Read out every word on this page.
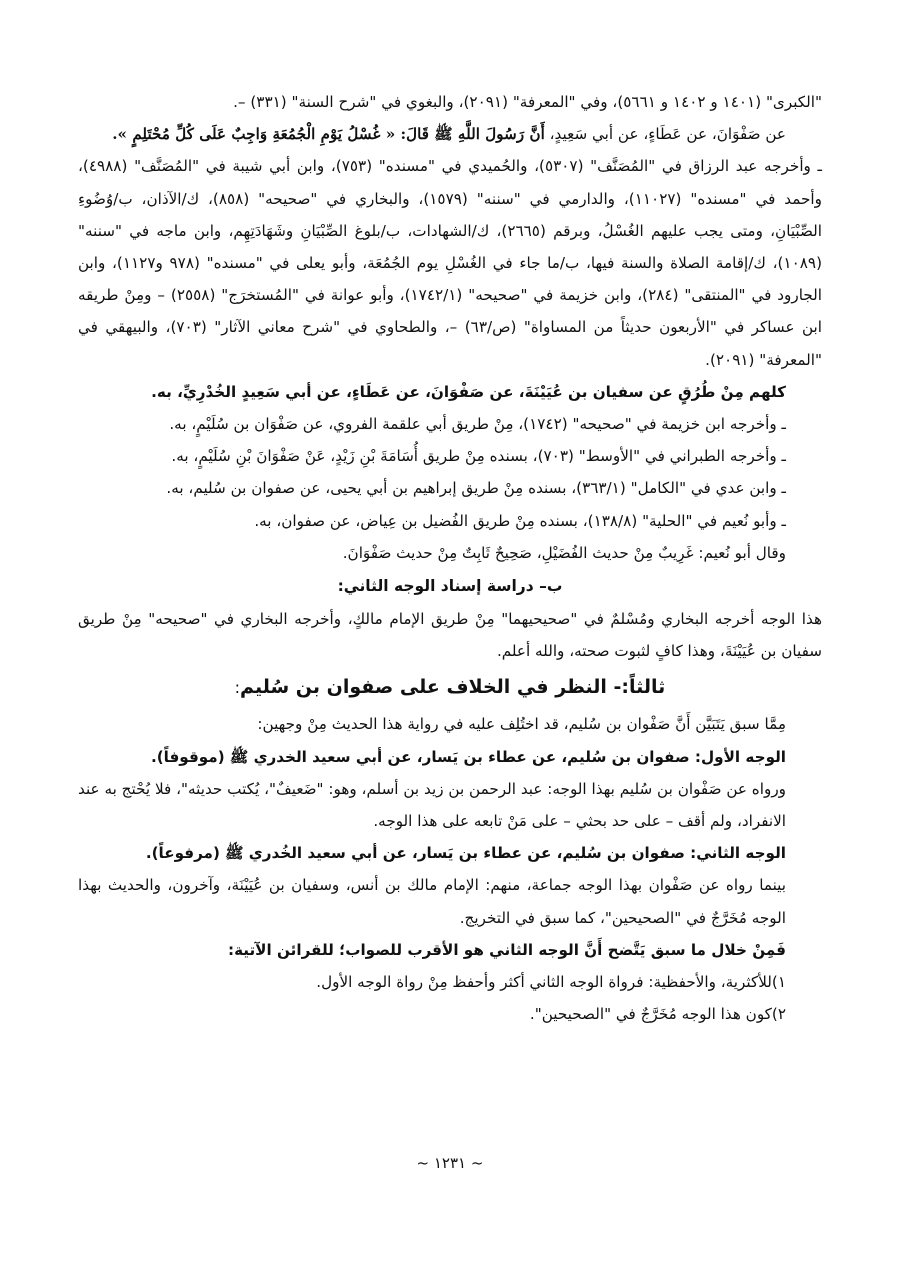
"الكبرى" (١٤٠١ و ١٤٠٢ و ٥٦٦١)، وفي "المعرفة" (٢٠٩١)، والبغوي في "شرح السنة" (٣٣١) –.

عن صَفْوَانَ، عن عَطَاءٍ، عن أبي سَعِيدٍ، أَنَّ رَسُولَ اللَّهِ ﷺ قَالَ: « غُسْلُ يَوْمِ الْجُمُعَةِ وَاجِبٌ عَلَى كُلِّ مُحْتَلِمٍ ».

ـ وأخرجه عبد الرزاق في "المُصَنَّف" (٥٣٠٧)، والحُميدي في "مسنده" (٧٥٣)، وابن أبي شيبة في "المُصَنَّف" (٤٩٨٨)، وأحمد في "مسنده" (١١٠٢٧)، والدارمي في "سننه" (١٥٧٩)، والبخاري في "صحيحه" (٨٥٨)، ك/الآذان، ب/وُضُوءِ الصِّبْيَانِ، ومتى يجب عليهم الغُسْلُ، وبرقم (٢٦٦٥)، ك/الشهادات، ب/بلوغ الصِّبْيَانِ وشَهَادَتِهِم، وابن ماجه في "سننه" (١٠٨٩)، ك/إقامة الصلاة والسنة فيها، ب/ما جاء في الغُسْلِ يوم الجُمُعَة، وأبو يعلى في "مسنده" (٩٧٨ و١١٢٧)، وابن الجارود في "المنتقى" (٢٨٤)، وابن خزيمة في "صحيحه" (١٧٤٢/١)، وأبو عوانة في "المُستخرَج" (٢٥٥٨) – ومِنْ طريقه ابن عساكر في "الأربعون حديثاً من المساواة" (ص/٦٣) –، والطحاوي في "شرح معاني الآثار" (٧٠٣)، والبيهقي في "المعرفة" (٢٠٩١).

كلهم مِنْ طُرُقٍ عن سفيان بن عُيَيْنَةَ، عن صَفْوَانَ، عن عَطَاءٍ، عن أبي سَعِيدٍ الخُدْرِيِّ، به.

ـ وأخرجه ابن خزيمة في "صحيحه" (١٧٤٢)، مِنْ طريق أبي علقمة الفروي، عن صَفْوَان بن سُلَيْمٍ، به.

ـ وأخرجه الطبراني في "الأوسط" (٧٠٣)، بسنده مِنْ طريق أُسَامَةَ بْنِ زَيْدٍ، عَنْ صَفْوَانَ بْنِ سُلَيْمٍ، به.

ـ وابن عدي في "الكامل" (٣٦٣/١)، بسنده مِنْ طريق إبراهيم بن أبي يحيى، عن صفوان بن سُليم، به.

ـ وأبو نُعيم في "الحلية" (١٣٨/٨)، بسنده مِنْ طريق الفُضيل بن عِياض، عن صفوان، به.

وقال أبو نُعيم: غَرِيبٌ مِنْ حديث الفُضَيْلِ، صَحِيحٌ ثَابِتٌ مِنْ حديث صَفْوَانَ.

ب– دراسة إسناد الوجه الثاني:

هذا الوجه أخرجه البخاري ومُسْلمٌ في "صحيحيهما" مِنْ طريق الإمام مالكٍ، وأخرجه البخاري في "صحيحه" مِنْ طريق سفيان بن عُيَيْنَةَ، وهذا كافٍ لثبوت صحته، والله أعلم.

ثالثاً:- النظر في الخلاف على صفوان بن سُليم:

مِمَّا سبق يَتَبَيَّن أَنَّ صَفْوان بن سُليم، قد اختُلِف عليه في رواية هذا الحديث مِنْ وجهين:

الوجه الأول: صفوان بن سُليم، عن عطاء بن يَسار، عن أبي سعيد الخدري ﷺ (موقوفاً).

ورواه عن صَفْوان بن سُليم بهذا الوجه: عبد الرحمن بن زيد بن أسلم، وهو: "ضَعيفٌ"، يُكتب حديثه"، فلا يُحْتج به عند الانفراد، ولم أقف – على حد بحثي – على مَنْ تابعه على هذا الوجه.

الوجه الثاني: صفوان بن سُليم، عن عطاء بن يَسار، عن أبي سعيد الخُدري ﷺ (مرفوعاً).

بينما رواه عن صَفْوان بهذا الوجه جماعة، منهم: الإمام مالك بن أنس، وسفيان بن عُيَيْنَة، وآخرون، والحديث بهذا الوجه مُخَرَّجٌ في "الصحيحين"، كما سبق في التخريج.

فَمِنْ خلال ما سبق يَتَّضح أَنَّ الوجه الثاني هو الأقرب للصواب؛ للقرائن الآتية:

١)للأكثرية، والأحفظية: فرواة الوجه الثاني أكثر وأحفظ مِنْ رواة الوجه الأول.

٢)كون هذا الوجه مُخَرَّجٌ في "الصحيحين".

~ ١٢٣١ ~
